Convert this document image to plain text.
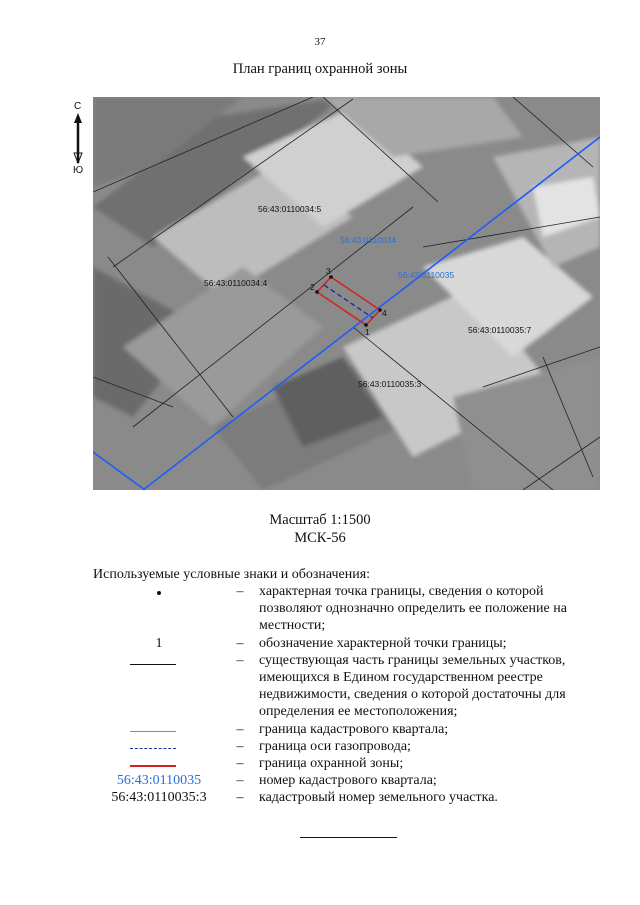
37
План границ охранной зоны
С
Ю
1
2
3
4
56:43:0110034:5
56:43:0110034
56:43:0110034:4
56:43:0110035
56:43:0110035:7
56:43:0110035:3
Масштаб 1:1500
МСК-56
Используемые условные знаки и обозначения:
–	характерная точка границы, сведения о которой
позволяют однозначно определить ее положение на
местности;
1	–	обозначение характерной точки границы;
–	существующая часть границы земельных участков,
имеющихся в Едином государственном реестре
недвижимости, сведения о которой достаточны для
определения ее местоположения;
–	граница кадастрового квартала;
–	граница оси газопровода;
–	граница охранной зоны;
56:43:0110035	–	номер кадастрового квартала;
56:43:0110035:3	–	кадастровый номер земельного участка.
